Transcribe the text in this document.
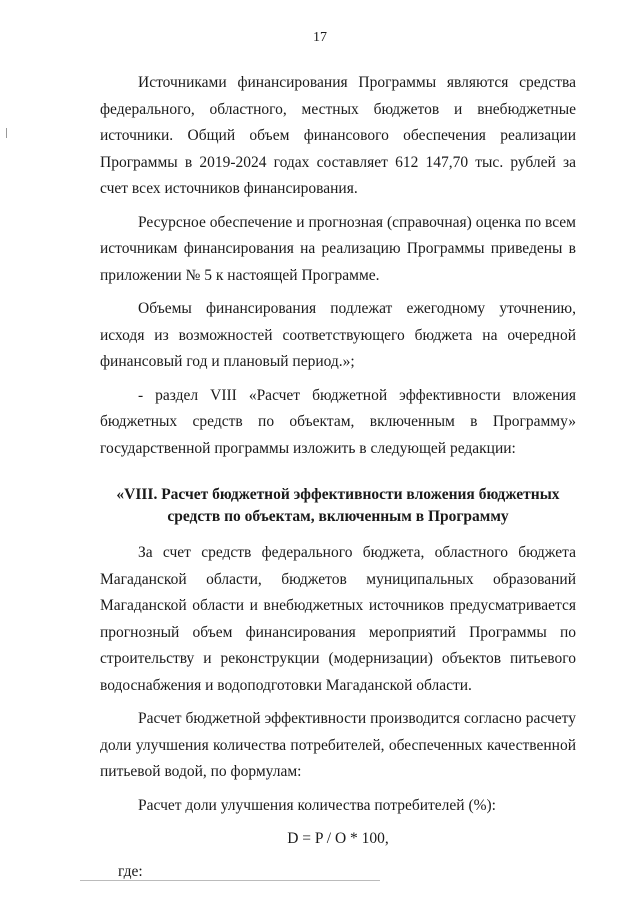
17

Источниками финансирования Программы являются средства федерального, областного, местных бюджетов и внебюджетные источники. Общий объем финансового обеспечения реализации Программы в 2019-2024 годах составляет 612 147,70 тыс. рублей за счет всех источников финансирования.

Ресурсное обеспечение и прогнозная (справочная) оценка по всем источникам финансирования на реализацию Программы приведены в приложении № 5 к настоящей Программе.

Объемы финансирования подлежат ежегодному уточнению, исходя из возможностей соответствующего бюджета на очередной финансовый год и плановый период.»;

- раздел VIII «Расчет бюджетной эффективности вложения бюджетных средств по объектам, включенным в Программу» государственной программы изложить в следующей редакции:

«VIII. Расчет бюджетной эффективности вложения бюджетных средств по объектам, включенным в Программу

За счет средств федерального бюджета, областного бюджета Магаданской области, бюджетов муниципальных образований Магаданской области и внебюджетных источников предусматривается прогнозный объем финансирования мероприятий Программы по строительству и реконструкции (модернизации) объектов питьевого водоснабжения и водоподготовки Магаданской области.

Расчет бюджетной эффективности производится согласно расчету доли улучшения количества потребителей, обеспеченных качественной питьевой водой, по формулам:

Расчет доли улучшения количества потребителей (%):

D = P / O * 100,

где:
